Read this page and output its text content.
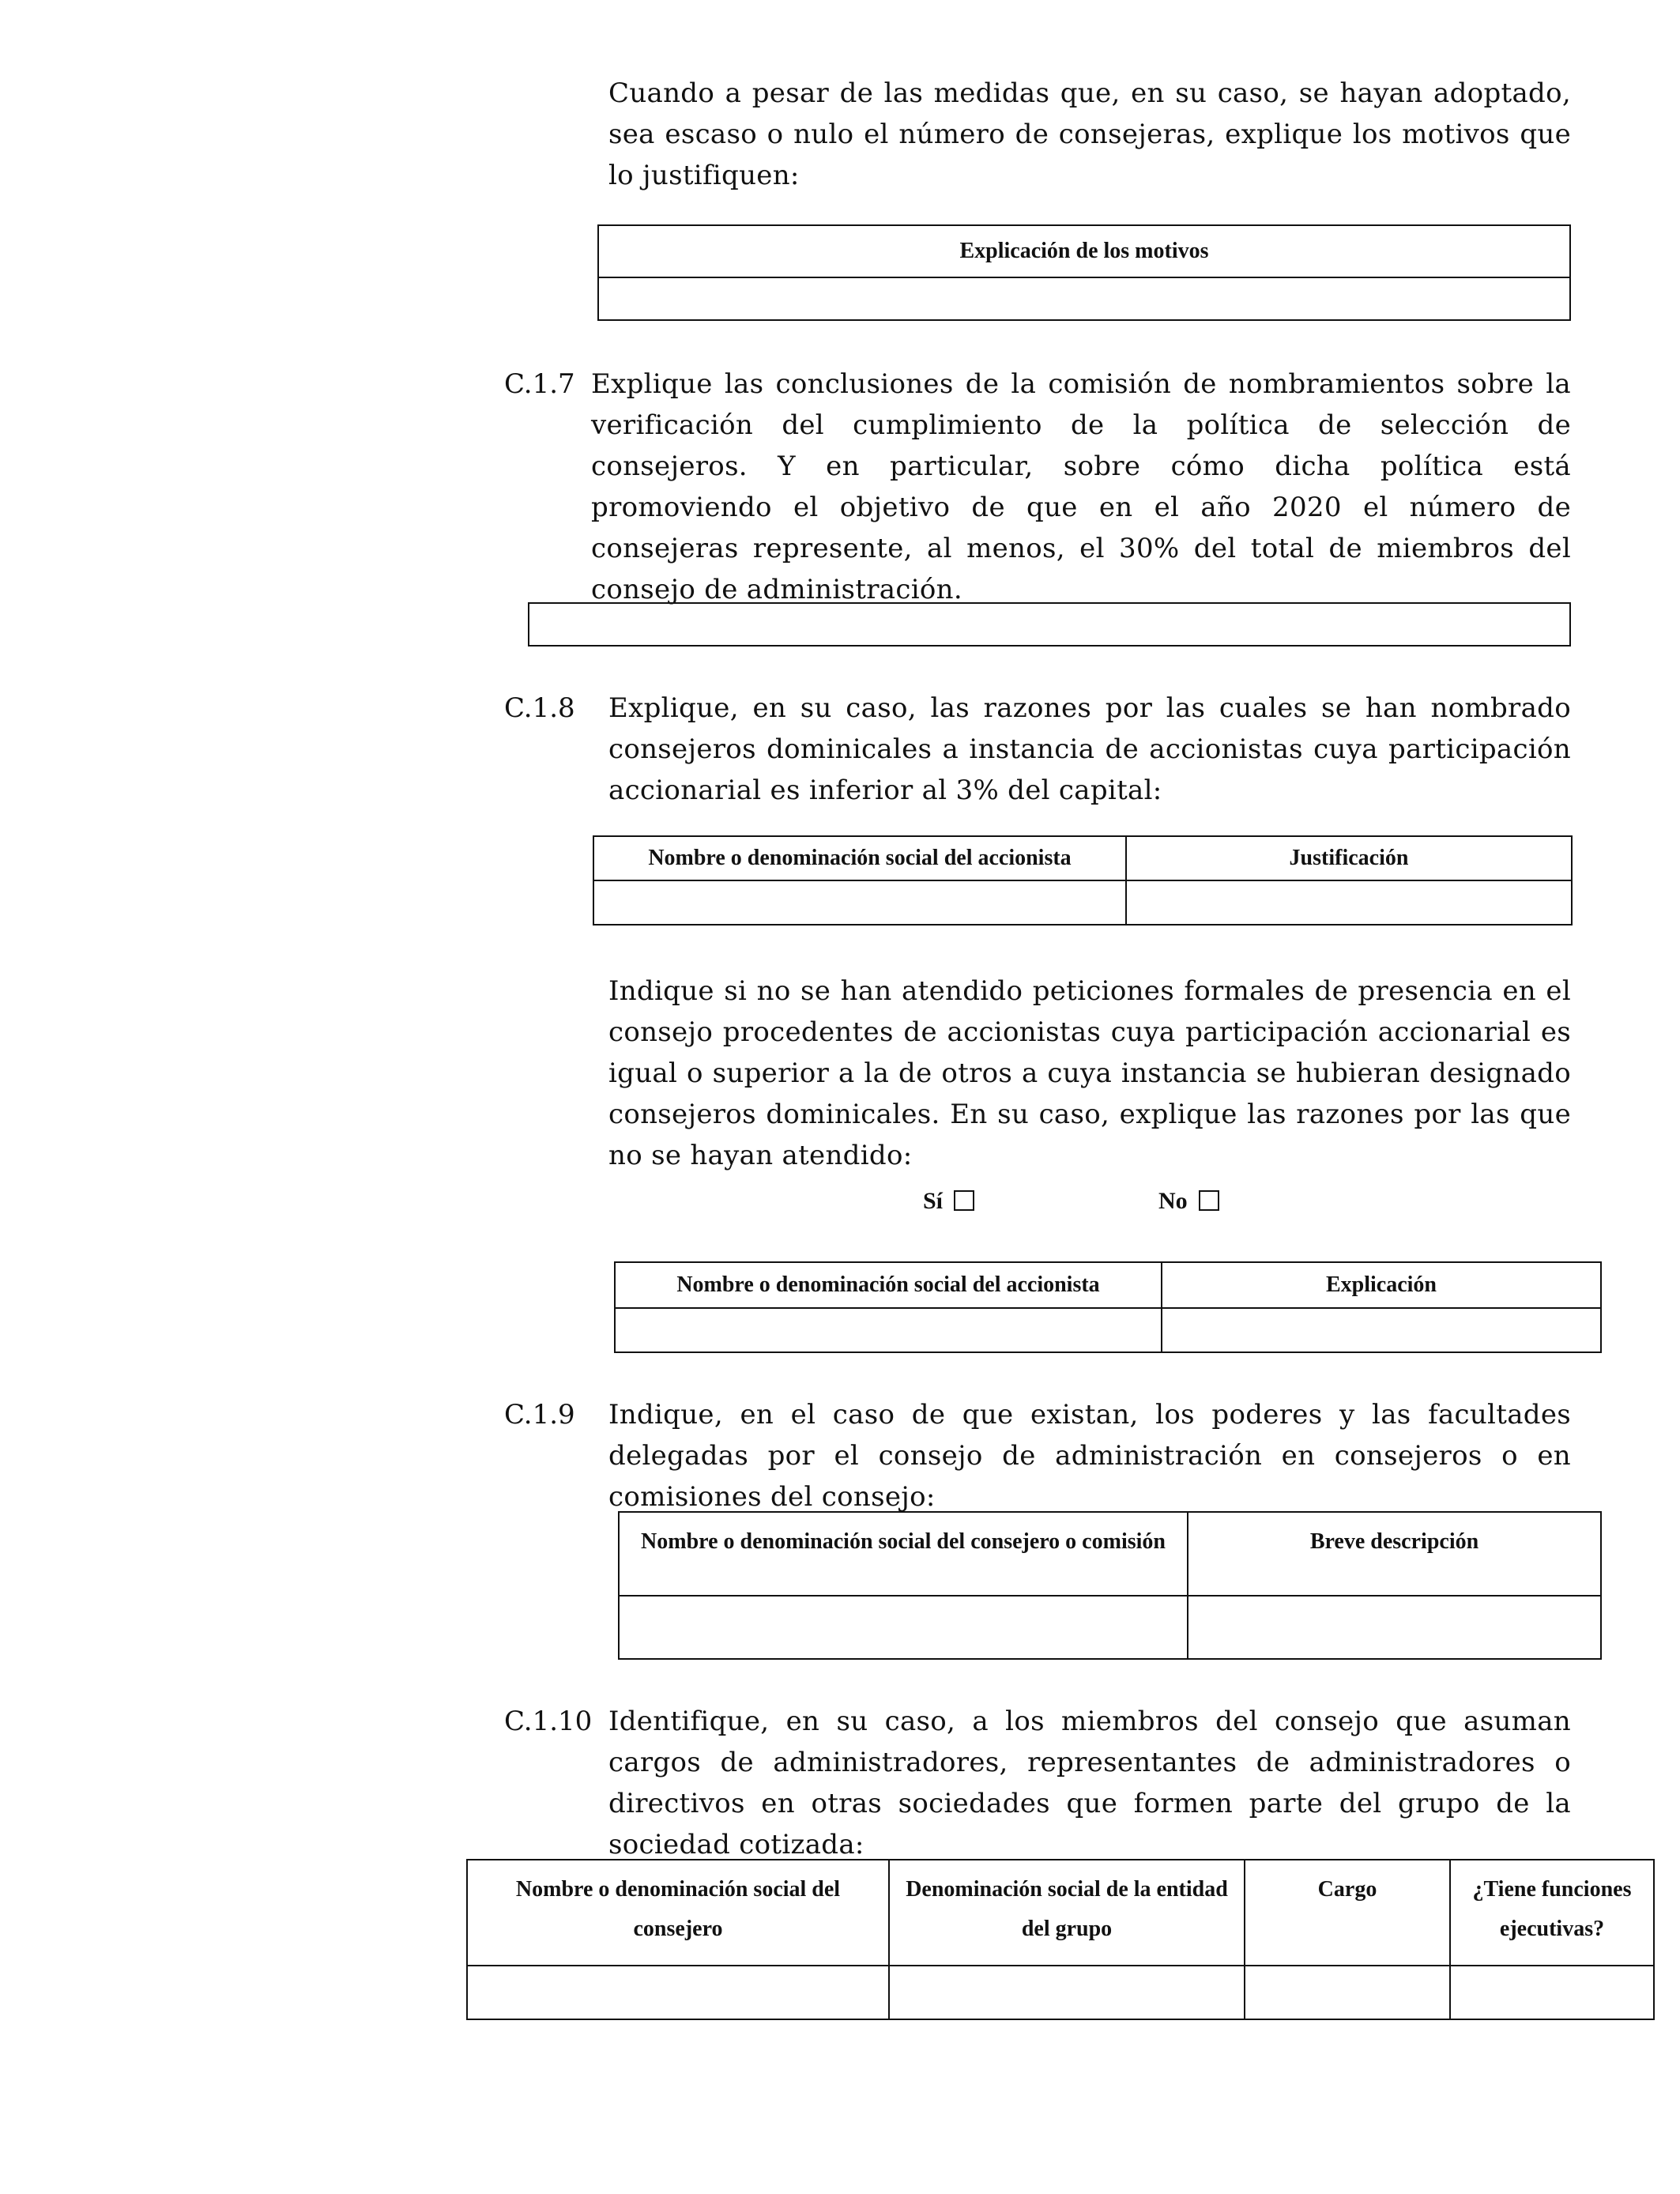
Cuando a pesar de las medidas que, en su caso, se hayan adoptado, sea escaso o nulo el número de consejeras, explique los motivos que lo justifiquen:
Explicación de los motivos

C.1.7 Explique las conclusiones de la comisión de nombramientos sobre la verificación del cumplimiento de la política de selección de consejeros. Y en particular, sobre cómo dicha política está promoviendo el objetivo de que en el año 2020 el número de consejeras represente, al menos, el 30% del total de miembros del consejo de administración.
C.1.8 Explique, en su caso, las razones por las cuales se han nombrado consejeros dominicales a instancia de accionistas cuya participación accionarial es inferior al 3% del capital:
Nombre o denominación social del accionista	Justificación

Indique si no se han atendido peticiones formales de presencia en el consejo procedentes de accionistas cuya participación accionarial es igual o superior a la de otros a cuya instancia se hubieran designado consejeros dominicales. En su caso, explique las razones por las que no se hayan atendido:
Sí	No
Nombre o denominación social del accionista	Explicación

C.1.9 Indique, en el caso de que existan, los poderes y las facultades delegadas por el consejo de administración en consejeros o en comisiones del consejo:
Nombre o denominación social del consejero o comisión	Breve descripción

C.1.10 Identifique, en su caso, a los miembros del consejo que asuman cargos de administradores, representantes de administradores o directivos en otras sociedades que formen parte del grupo de la sociedad cotizada:
Nombre o denominación social del consejero	Denominación social de la entidad del grupo	Cargo	¿Tiene funciones ejecutivas?
